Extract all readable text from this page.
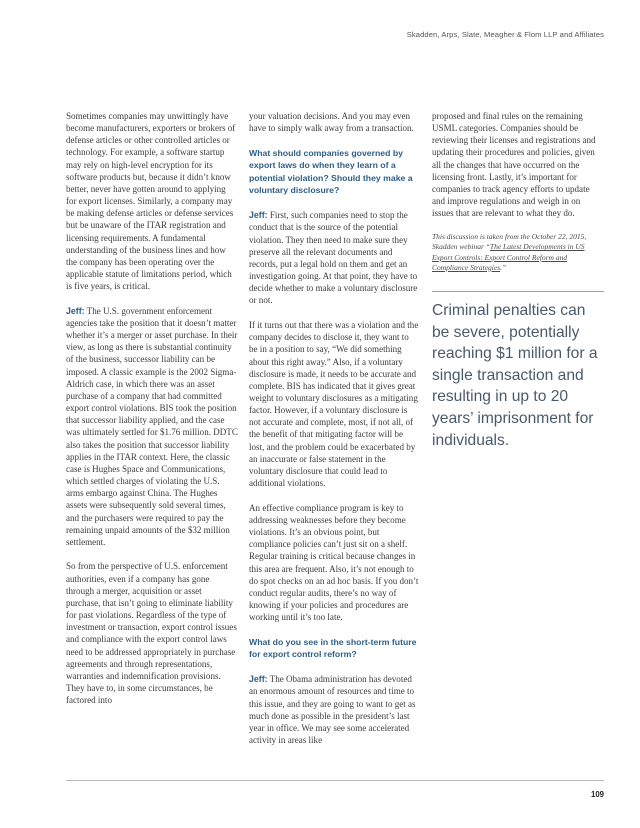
Skadden, Arps, Slate, Meagher & Flom LLP and Affiliates

Sometimes companies may unwittingly have become manufacturers, exporters or brokers of defense articles or other controlled articles or technology. For example, a software startup may rely on high-level encryption for its software products but, because it didn’t know better, never have gotten around to applying for export licenses. Similarly, a company may be making defense articles or defense services but be unaware of the ITAR registration and licensing requirements. A fundamental understanding of the business lines and how the company has been operating over the applicable statute of limitations period, which is five years, is critical.

Jeff: The U.S. government enforcement agencies take the position that it doesn’t matter whether it’s a merger or asset purchase. In their view, as long as there is substantial continuity of the business, successor liability can be imposed. A classic example is the 2002 Sigma-Aldrich case, in which there was an asset purchase of a company that had committed export control violations. BIS took the position that successor liability applied, and the case was ultimately settled for $1.76 million. DDTC also takes the position that successor liability applies in the ITAR context. Here, the classic case is Hughes Space and Communications, which settled charges of violating the U.S. arms embargo against China. The Hughes assets were subsequently sold several times, and the purchasers were required to pay the remaining unpaid amounts of the $32 million settlement.

So from the perspective of U.S. enforcement authorities, even if a company has gone through a merger, acquisition or asset purchase, that isn’t going to eliminate liability for past violations. Regardless of the type of investment or transaction, export control issues and compliance with the export control laws need to be addressed appropriately in purchase agreements and through representations, warranties and indemnification provisions. They have to, in some circumstances, be factored into

your valuation decisions. And you may even have to simply walk away from a transaction.

What should companies governed by export laws do when they learn of a potential violation? Should they make a voluntary disclosure?

Jeff: First, such companies need to stop the conduct that is the source of the potential violation. They then need to make sure they preserve all the relevant documents and records, put a legal hold on them and get an investigation going. At that point, they have to decide whether to make a voluntary disclosure or not.

If it turns out that there was a violation and the company decides to disclose it, they want to be in a position to say, “We did something about this right away.” Also, if a voluntary disclosure is made, it needs to be accurate and complete. BIS has indicated that it gives great weight to voluntary disclosures as a mitigating factor. However, if a voluntary disclosure is not accurate and complete, most, if not all, of the benefit of that mitigating factor will be lost, and the problem could be exacerbated by an inaccurate or false statement in the voluntary disclosure that could lead to additional violations.

An effective compliance program is key to addressing weaknesses before they become violations. It’s an obvious point, but compliance policies can’t just sit on a shelf. Regular training is critical because changes in this area are frequent. Also, it’s not enough to do spot checks on an ad hoc basis. If you don’t conduct regular audits, there’s no way of knowing if your policies and procedures are working until it’s too late.

What do you see in the short-term future for export control reform?

Jeff: The Obama administration has devoted an enormous amount of resources and time to this issue, and they are going to want to get as much done as possible in the president’s last year in office. We may see some accelerated activity in areas like

proposed and final rules on the remaining USML categories. Companies should be reviewing their licenses and registrations and updating their procedures and policies, given all the changes that have occurred on the licensing front. Lastly, it’s important for companies to track agency efforts to update and improve regulations and weigh in on issues that are relevant to what they do.

This discussion is taken from the October 22, 2015, Skadden webinar “The Latest Developments in US Export Controls: Export Control Reform and Compliance Strategies.”

Criminal penalties can be severe, potentially reaching $1 million for a single transaction and resulting in up to 20 years’ imprisonment for individuals.

109
